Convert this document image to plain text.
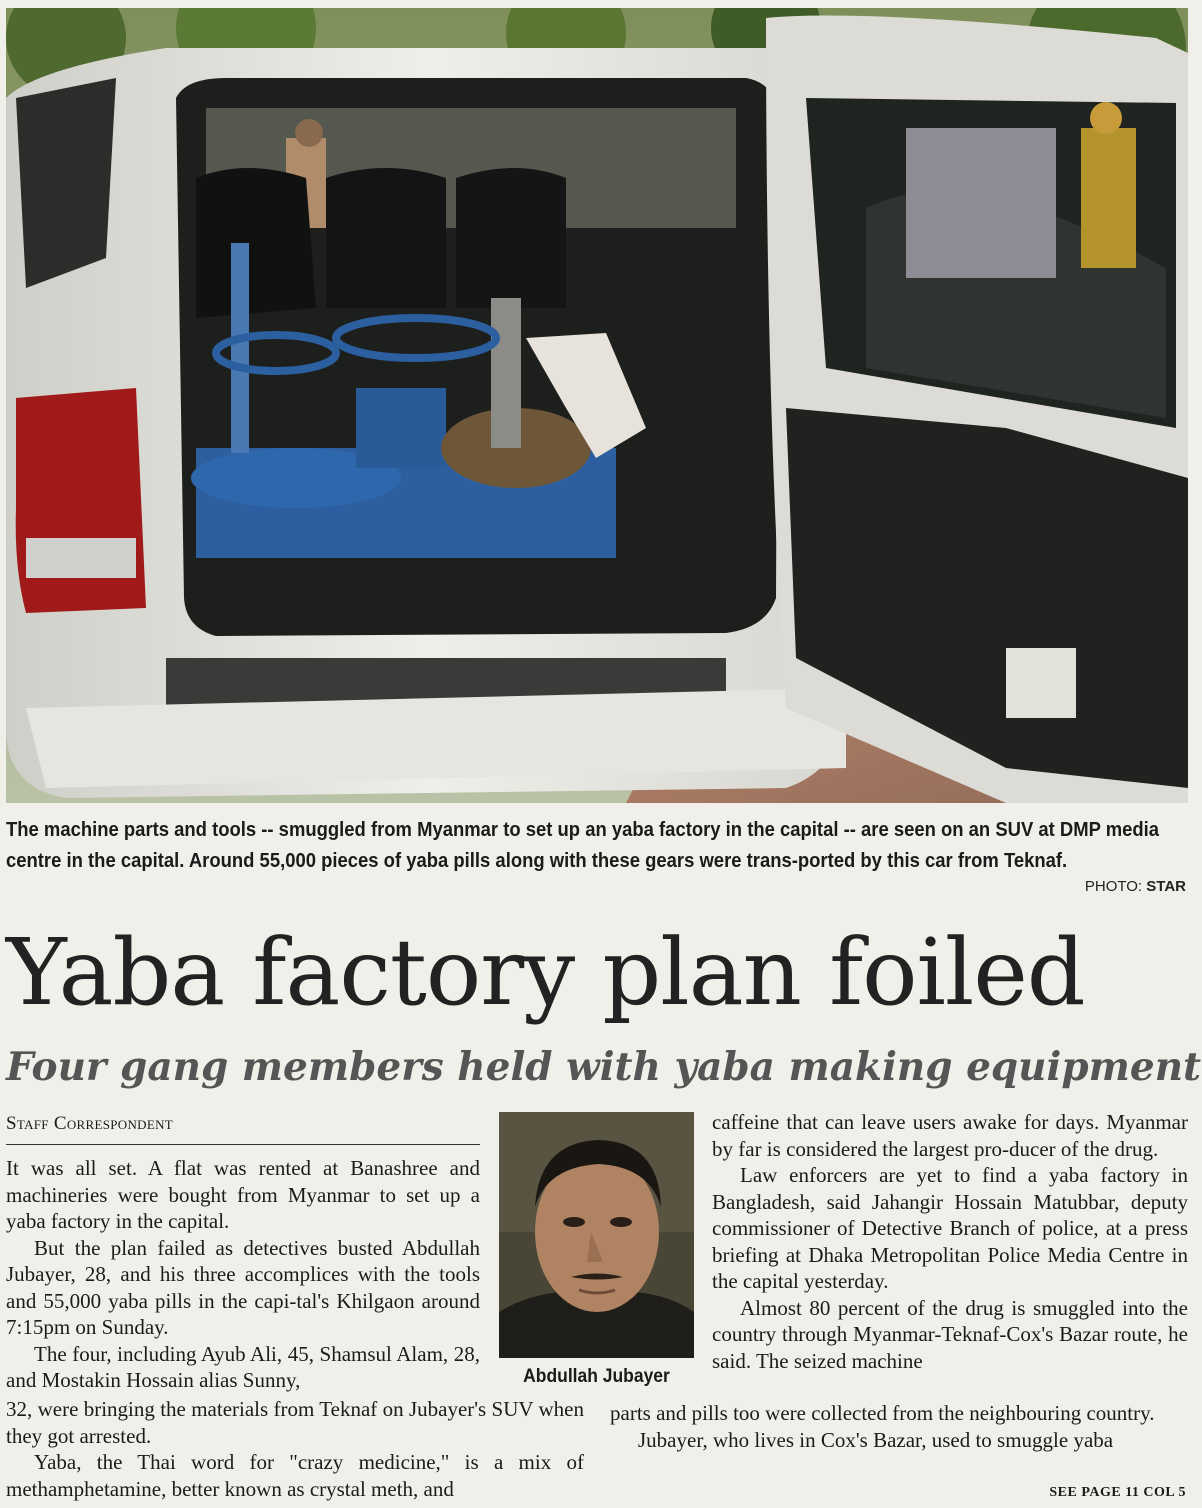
The machine parts and tools -- smuggled from Myanmar to set up an yaba factory in the capital -- are seen on an SUV at DMP media centre in the capital. Around 55,000 pieces of yaba pills along with these gears were trans-ported by this car from Teknaf.
PHOTO: STAR
Yaba factory plan foiled
Four gang members held with yaba making equipment
Staff Correspondent

It was all set. A flat was rented at Banashree and machineries were bought from Myanmar to set up a yaba factory in the capital.

But the plan failed as detectives busted Abdullah Jubayer, 28, and his three accomplices with the tools and 55,000 yaba pills in the capi-tal's Khilgaon around 7:15pm on Sunday.

The four, including Ayub Ali, 45, Shamsul Alam, 28, and Mostakin Hossain alias Sunny,

32, were bringing the materials from Teknaf on Jubayer's SUV when they got arrested.

Yaba, the Thai word for "crazy medicine," is a mix of methamphetamine, better known as crystal meth, and

Abdullah Jubayer

caffeine that can leave users awake for days. Myanmar by far is considered the largest pro-ducer of the drug.

Law enforcers are yet to find a yaba factory in Bangladesh, said Jahangir Hossain Matubbar, deputy commissioner of Detective Branch of police, at a press briefing at Dhaka Metropolitan Police Media Centre in the capital yesterday.

Almost 80 percent of the drug is smuggled into the country through Myanmar-Teknaf-Cox's Bazar route, he said. The seized machine

parts and pills too were collected from the neighbouring country.

Jubayer, who lives in Cox's Bazar, used to smuggle yaba

SEE PAGE 11 COL 5
